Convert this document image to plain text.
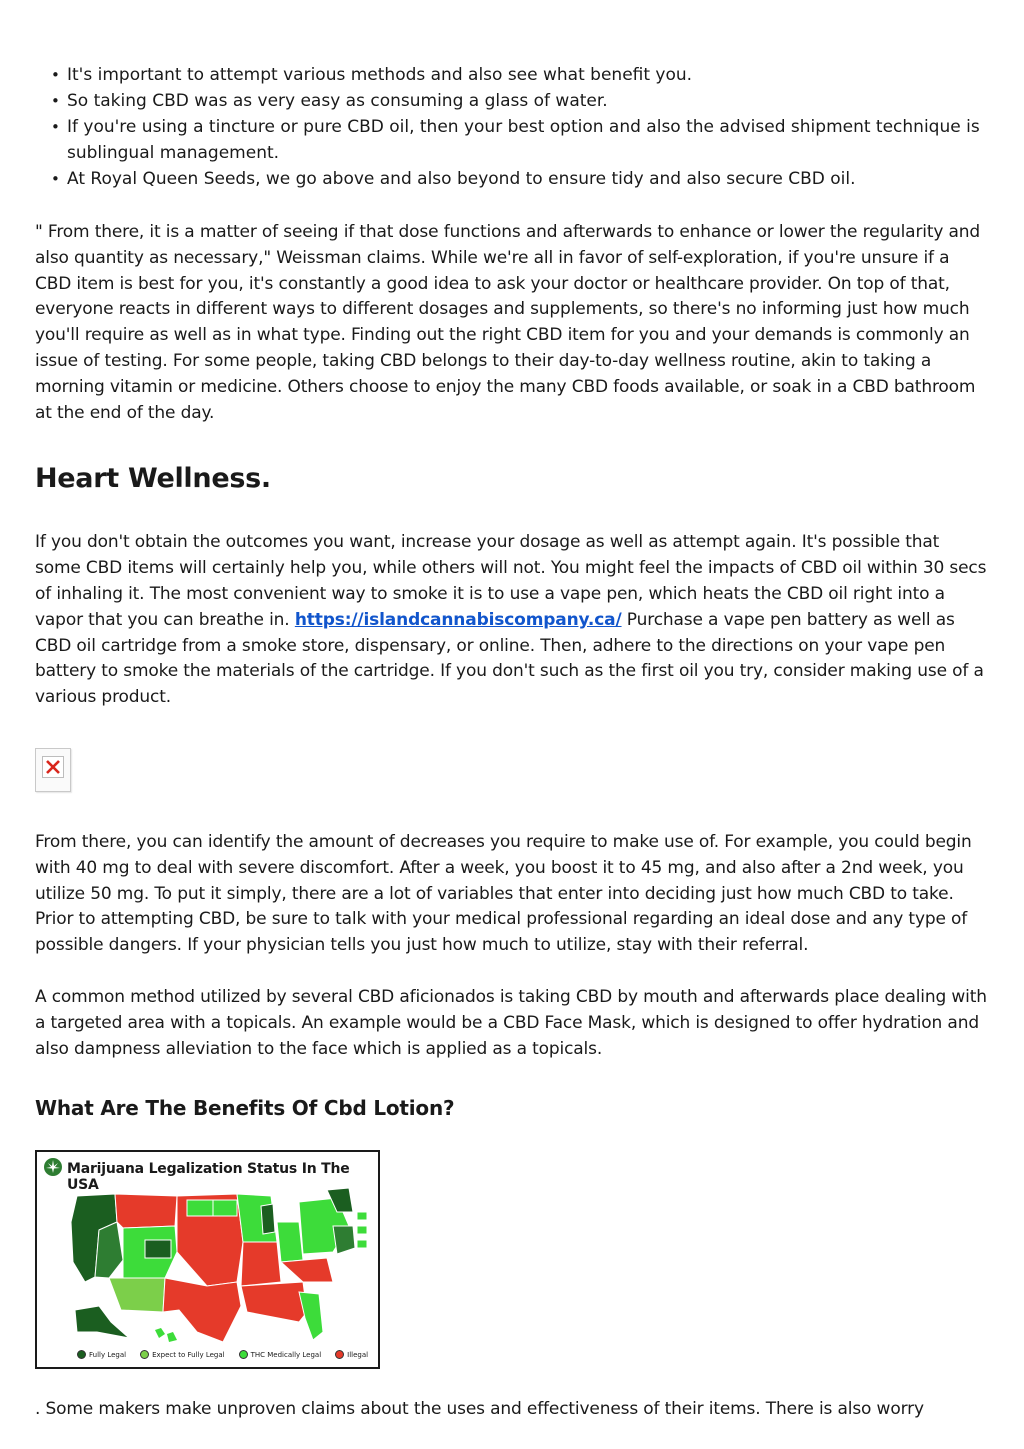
• It's important to attempt various methods and also see what benefit you.
• So taking CBD was as very easy as consuming a glass of water.
• If you're using a tincture or pure CBD oil, then your best option and also the advised shipment technique is sublingual management.
• At Royal Queen Seeds, we go above and also beyond to ensure tidy and also secure CBD oil.

" From there, it is a matter of seeing if that dose functions and afterwards to enhance or lower the regularity and also quantity as necessary," Weissman claims. While we're all in favor of self-exploration, if you're unsure if a CBD item is best for you, it's constantly a good idea to ask your doctor or healthcare provider. On top of that, everyone reacts in different ways to different dosages and supplements, so there's no informing just how much you'll require as well as in what type. Finding out the right CBD item for you and your demands is commonly an issue of testing. For some people, taking CBD belongs to their day-to-day wellness routine, akin to taking a morning vitamin or medicine. Others choose to enjoy the many CBD foods available, or soak in a CBD bathroom at the end of the day.

Heart Wellness.

If you don't obtain the outcomes you want, increase your dosage as well as attempt again. It's possible that some CBD items will certainly help you, while others will not. You might feel the impacts of CBD oil within 30 secs of inhaling it. The most convenient way to smoke it is to use a vape pen, which heats the CBD oil right into a vapor that you can breathe in. https://islandcannabiscompany.ca/ Purchase a vape pen battery as well as CBD oil cartridge from a smoke store, dispensary, or online. Then, adhere to the directions on your vape pen battery to smoke the materials of the cartridge. If you don't such as the first oil you try, consider making use of a various product.

From there, you can identify the amount of decreases you require to make use of. For example, you could begin with 40 mg to deal with severe discomfort. After a week, you boost it to 45 mg, and also after a 2nd week, you utilize 50 mg. To put it simply, there are a lot of variables that enter into deciding just how much CBD to take. Prior to attempting CBD, be sure to talk with your medical professional regarding an ideal dose and any type of possible dangers. If your physician tells you just how much to utilize, stay with their referral.

A common method utilized by several CBD aficionados is taking CBD by mouth and afterwards place dealing with a targeted area with a topicals. An example would be a CBD Face Mask, which is designed to offer hydration and also dampness alleviation to the face which is applied as a topicals.

What Are The Benefits Of Cbd Lotion?
Marijuana Legalization Status In The USA
Fully Legal	Expect to Fully Legal	THC Medically Legal	Illegal

. Some makers make unproven claims about the uses and effectiveness of their items. There is also worry
